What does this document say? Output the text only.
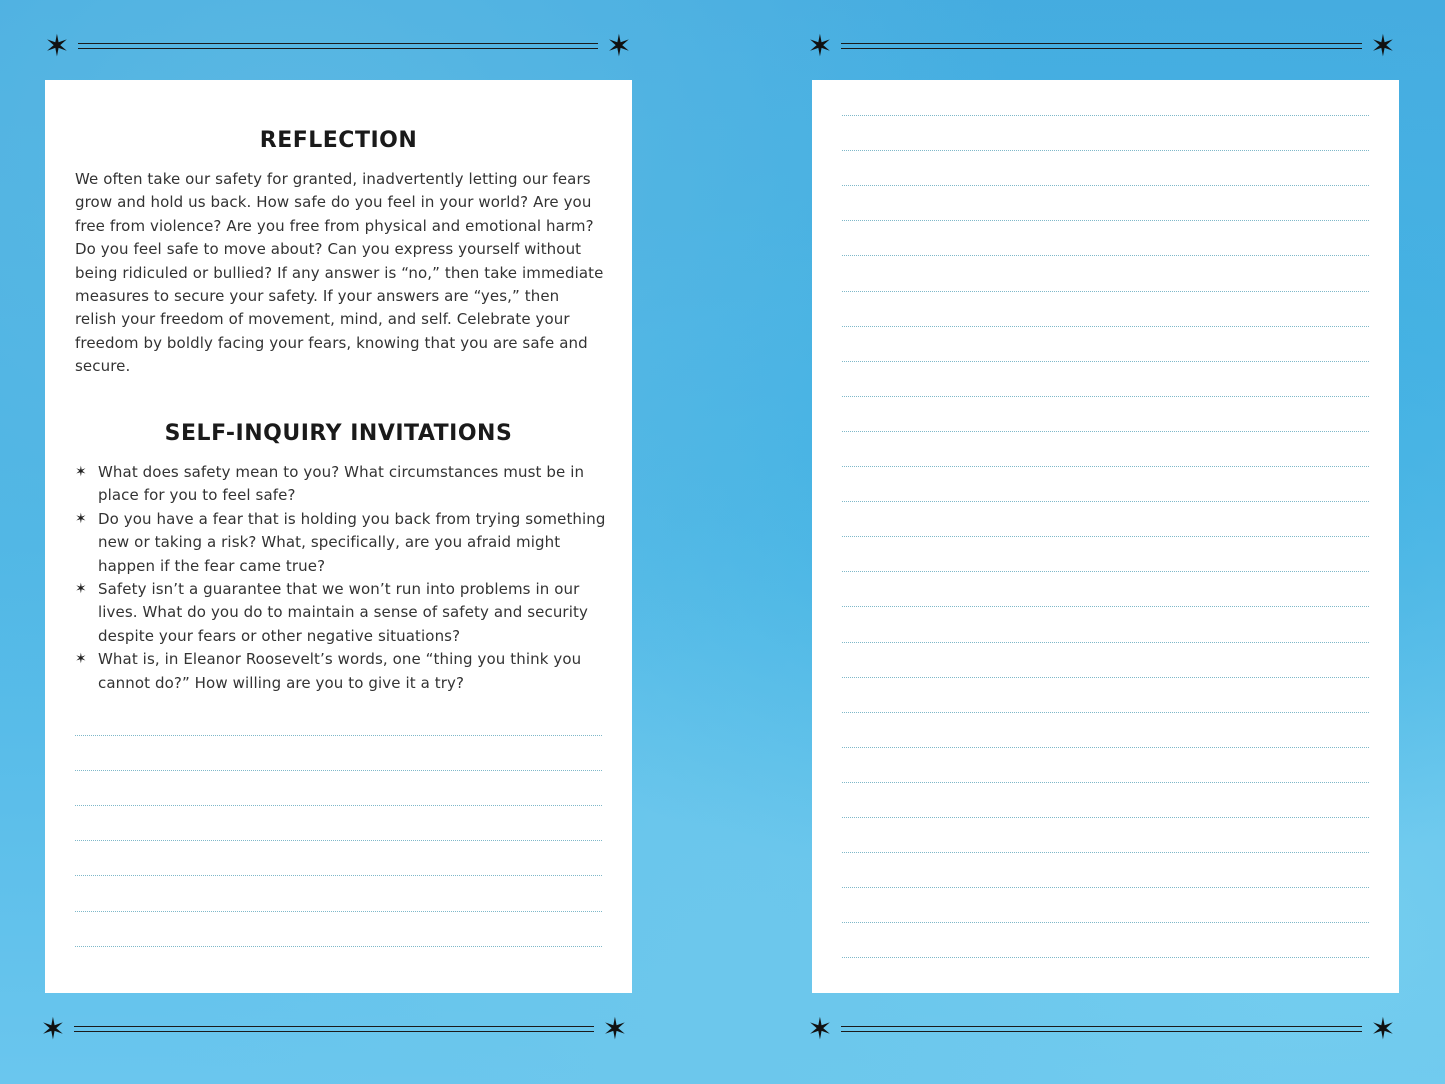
✶	✶	✶	✶
✶	✶	✶	✶
REFLECTION

We often take our safety for granted, inadvertently letting our fears grow and hold us back. How safe do you feel in your world? Are you free from violence? Are you free from physical and emotional harm? Do you feel safe to move about? Can you express yourself without being ridiculed or bullied? If any answer is “no,” then take immediate measures to secure your safety. If your answers are “yes,” then relish your freedom of movement, mind, and self. Celebrate your freedom by boldly facing your fears, knowing that you are safe and secure.

SELF-INQUIRY INVITATIONS
✶ What does safety mean to you? What circumstances must be in place for you to feel safe?
✶ Do you have a fear that is holding you back from trying something new or taking a risk? What, specifically, are you afraid might happen if the fear came true?
✶ Safety isn’t a guarantee that we won’t run into problems in our lives. What do you do to maintain a sense of safety and security despite your fears or other negative situations?
✶ What is, in Eleanor Roosevelt’s words, one “thing you think you cannot do?” How willing are you to give it a try?
